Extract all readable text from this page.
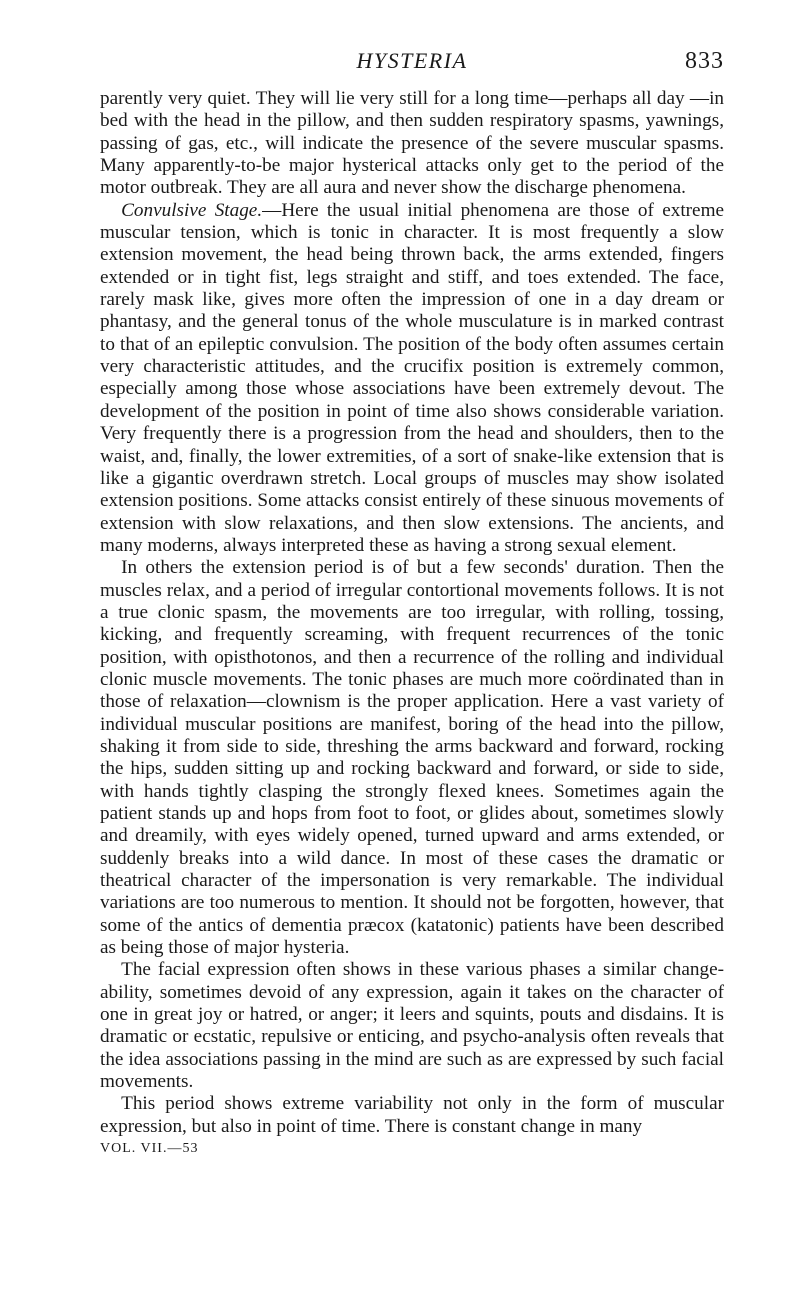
HYSTERIA	833

parently very quiet. They will lie very still for a long time—perhaps all day —in bed with the head in the pillow, and then sudden respiratory spasms, yawnings, passing of gas, etc., will indicate the presence of the severe muscular spasms. Many apparently-to-be major hysterical attacks only get to the period of the motor outbreak. They are all aura and never show the discharge phenomena.

Convulsive Stage.—Here the usual initial phenomena are those of extreme muscular tension, which is tonic in character. It is most frequently a slow extension movement, the head being thrown back, the arms extended, fingers extended or in tight fist, legs straight and stiff, and toes extended. The face, rarely mask like, gives more often the impression of one in a day dream or phantasy, and the general tonus of the whole musculature is in marked contrast to that of an epileptic convulsion. The position of the body often assumes certain very characteristic attitudes, and the crucifix position is extremely common, especially among those whose associations have been extremely devout. The development of the position in point of time also shows considerable variation. Very frequently there is a progression from the head and shoulders, then to the waist, and, finally, the lower extremities, of a sort of snake-like extension that is like a gigantic overdrawn stretch. Local groups of muscles may show isolated extension positions. Some attacks consist entirely of these sinuous movements of extension with slow relaxations, and then slow extensions. The ancients, and many moderns, always interpreted these as having a strong sexual element.

In others the extension period is of but a few seconds' duration. Then the muscles relax, and a period of irregular contortional movements follows. It is not a true clonic spasm, the movements are too irregular, with rolling, tossing, kicking, and frequently screaming, with frequent recurrences of the tonic position, with opisthotonos, and then a recurrence of the rolling and individual clonic muscle movements. The tonic phases are much more coördinated than in those of relaxation—clownism is the proper application. Here a vast variety of individual muscular positions are manifest, boring of the head into the pillow, shaking it from side to side, threshing the arms backward and forward, rocking the hips, sudden sitting up and rocking backward and forward, or side to side, with hands tightly clasping the strongly flexed knees. Sometimes again the patient stands up and hops from foot to foot, or glides about, sometimes slowly and dreamily, with eyes widely opened, turned upward and arms extended, or suddenly breaks into a wild dance. In most of these cases the dramatic or theatrical character of the impersonation is very remarkable. The individual variations are too numerous to mention. It should not be forgotten, however, that some of the antics of dementia præcox (katatonic) patients have been described as being those of major hysteria.

The facial expression often shows in these various phases a similar changeability, sometimes devoid of any expression, again it takes on the character of one in great joy or hatred, or anger; it leers and squints, pouts and disdains. It is dramatic or ecstatic, repulsive or enticing, and psycho-analysis often reveals that the idea associations passing in the mind are such as are expressed by such facial movements.

This period shows extreme variability not only in the form of muscular expression, but also in point of time. There is constant change in many

VOL. VII.—53
